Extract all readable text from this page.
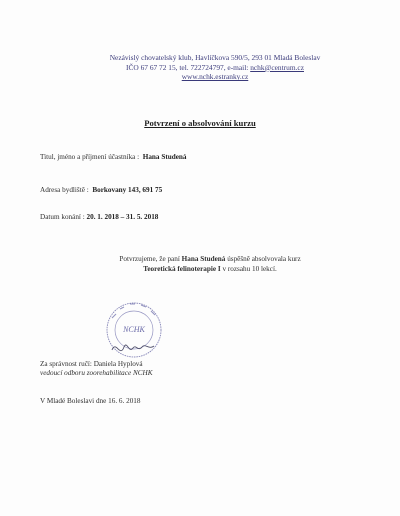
Nezávislý chovatelský klub, Havlíčkova 590/5, 293 01 Mladá Boleslav
IČO 67 67 72 15, tel. 722724797, e-mail: nchk@centrum.cz
www.nchk.estranky.cz
Potvrzení o absolvování kurzu
Titul, jméno a příjmení účastníka : Hana Studená
Adresa bydliště : Borkovany 143, 691 75
Datum konání : 20. 1. 2018 – 31. 5. 2018
Potvrzujeme, že paní Hana Studená úspěšně absolvovala kurz
Teoretická felinoterapie I v rozsahu 10 lekcí.
NCHK
Za správnost ručí: Daniela Hyplová
vedoucí odboru zoorehabilitace NCHK
V Mladé Boleslavi dne 16. 6. 2018
